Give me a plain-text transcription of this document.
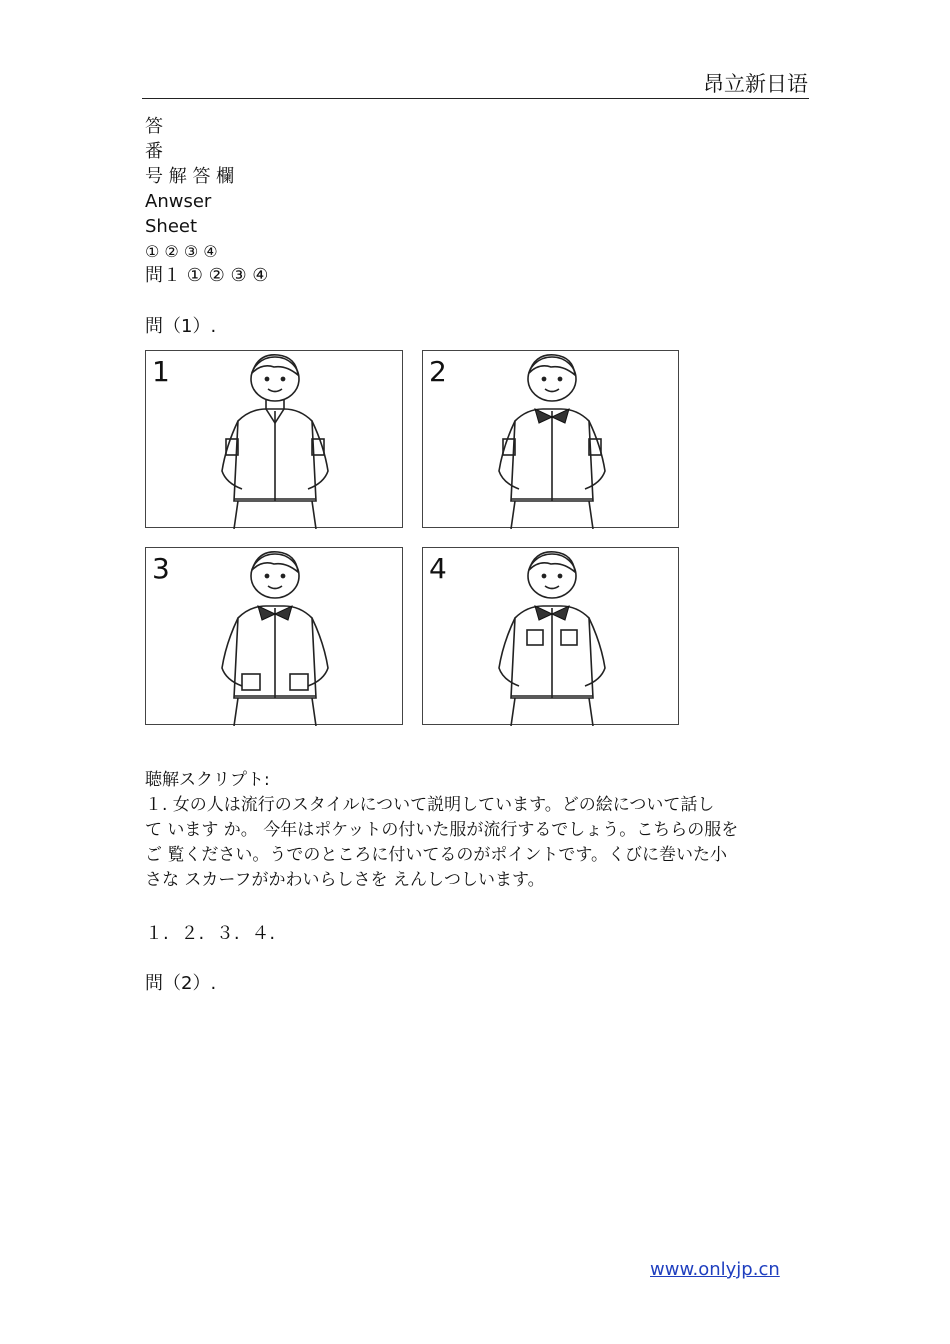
昂立新日语
答
番
号 解 答 欄
Anwser
Sheet
① ② ③ ④
問１ ① ② ③ ④
問（1）.
1	2
3	4
聴解スクリプト:
１. 女の人は流行のスタイルについて説明しています。どの絵について話し
て います か。 今年はポケットの付いた服が流行するでしょう。こちらの服を
ご 覧ください。うでのところに付いてるのがポイントです。くびに巻いた小
さな スカーフがかわいらしさを えんしつしいます。
１. ２. ３. ４.
問（2）.
www.onlyjp.cn
